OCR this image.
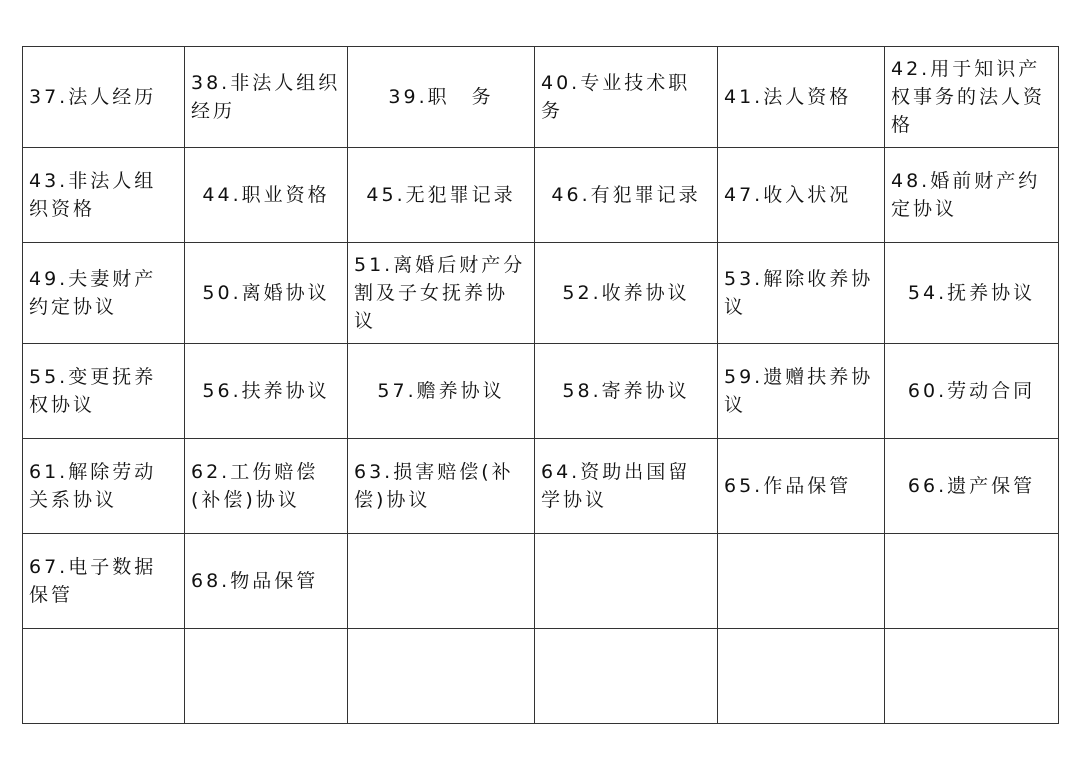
37.法人经历	38.非法人组织经历	39.职　务	40.专业技术职务	41.法人资格	42.用于知识产权事务的法人资格
43.非法人组织资格	44.职业资格	45.无犯罪记录	46.有犯罪记录	47.收入状况	48.婚前财产约定协议
49.夫妻财产约定协议	50.离婚协议	51.离婚后财产分割及子女抚养协议	52.收养协议	53.解除收养协议	54.抚养协议
55.变更抚养权协议	56.扶养协议	57.赡养协议	58.寄养协议	59.遗赠扶养协议	60.劳动合同
61.解除劳动关系协议	62.工伤赔偿(补偿)协议	63.损害赔偿(补偿)协议	64.资助出国留学协议	65.作品保管	66.遗产保管
67.电子数据保管	68.物品保管				
